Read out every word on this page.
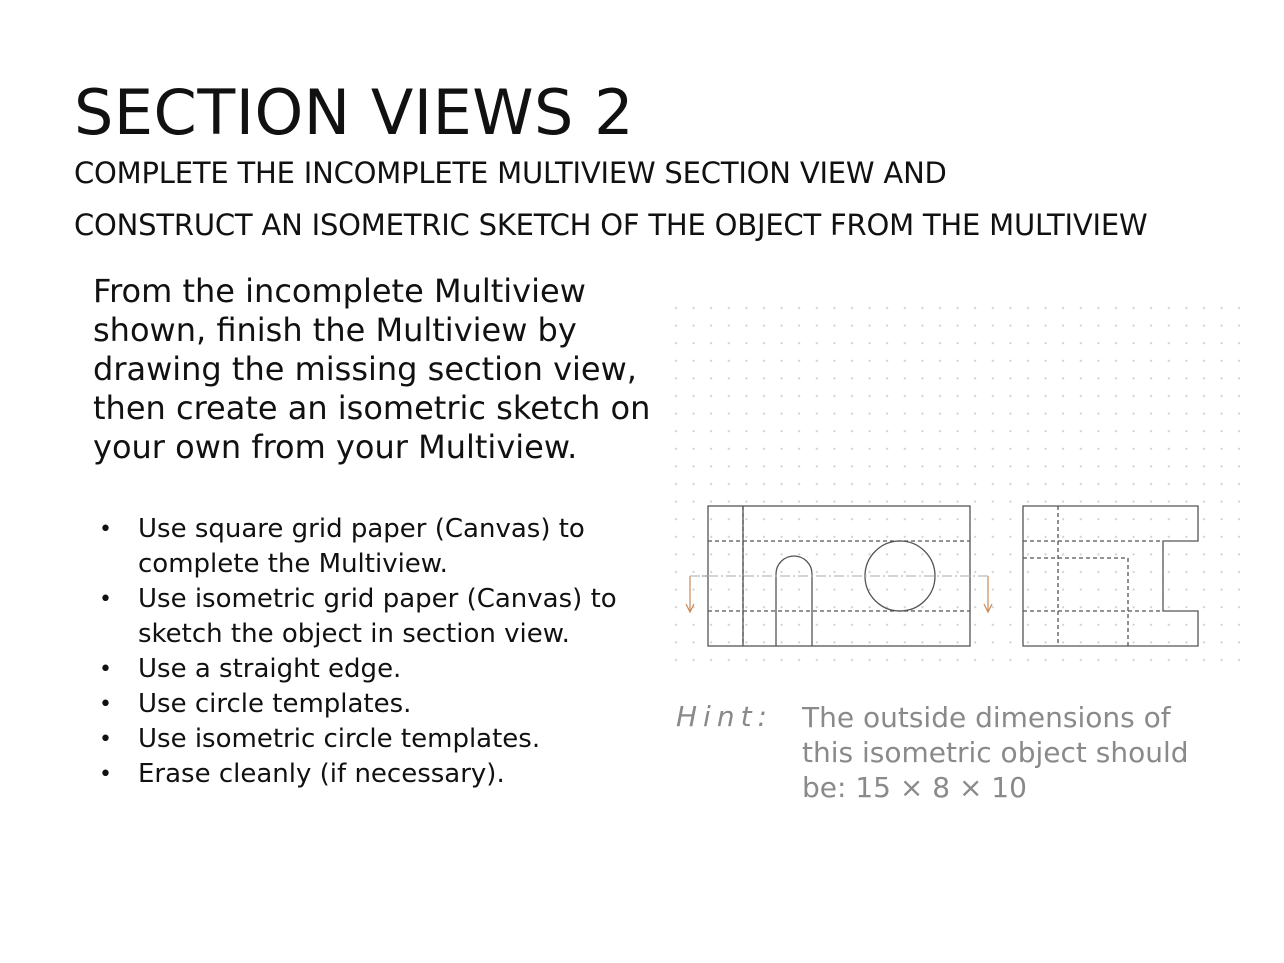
SECTION VIEWS 2

COMPLETE THE INCOMPLETE MULTIVIEW SECTION VIEW AND

CONSTRUCT AN ISOMETRIC SKETCH OF THE OBJECT FROM THE MULTIVIEW

From the incomplete Multiview shown, finish the Multiview by drawing the missing section view, then create an isometric sketch on your own from your Multiview.

• Use square grid paper (Canvas) to complete the Multiview.
• Use isometric grid paper (Canvas) to sketch the object in section view.
• Use a straight edge.
• Use circle templates.
• Use isometric circle templates.
• Erase cleanly (if necessary).
Hint: The outside dimensions of this isometric object should be: 15 × 8 × 10
